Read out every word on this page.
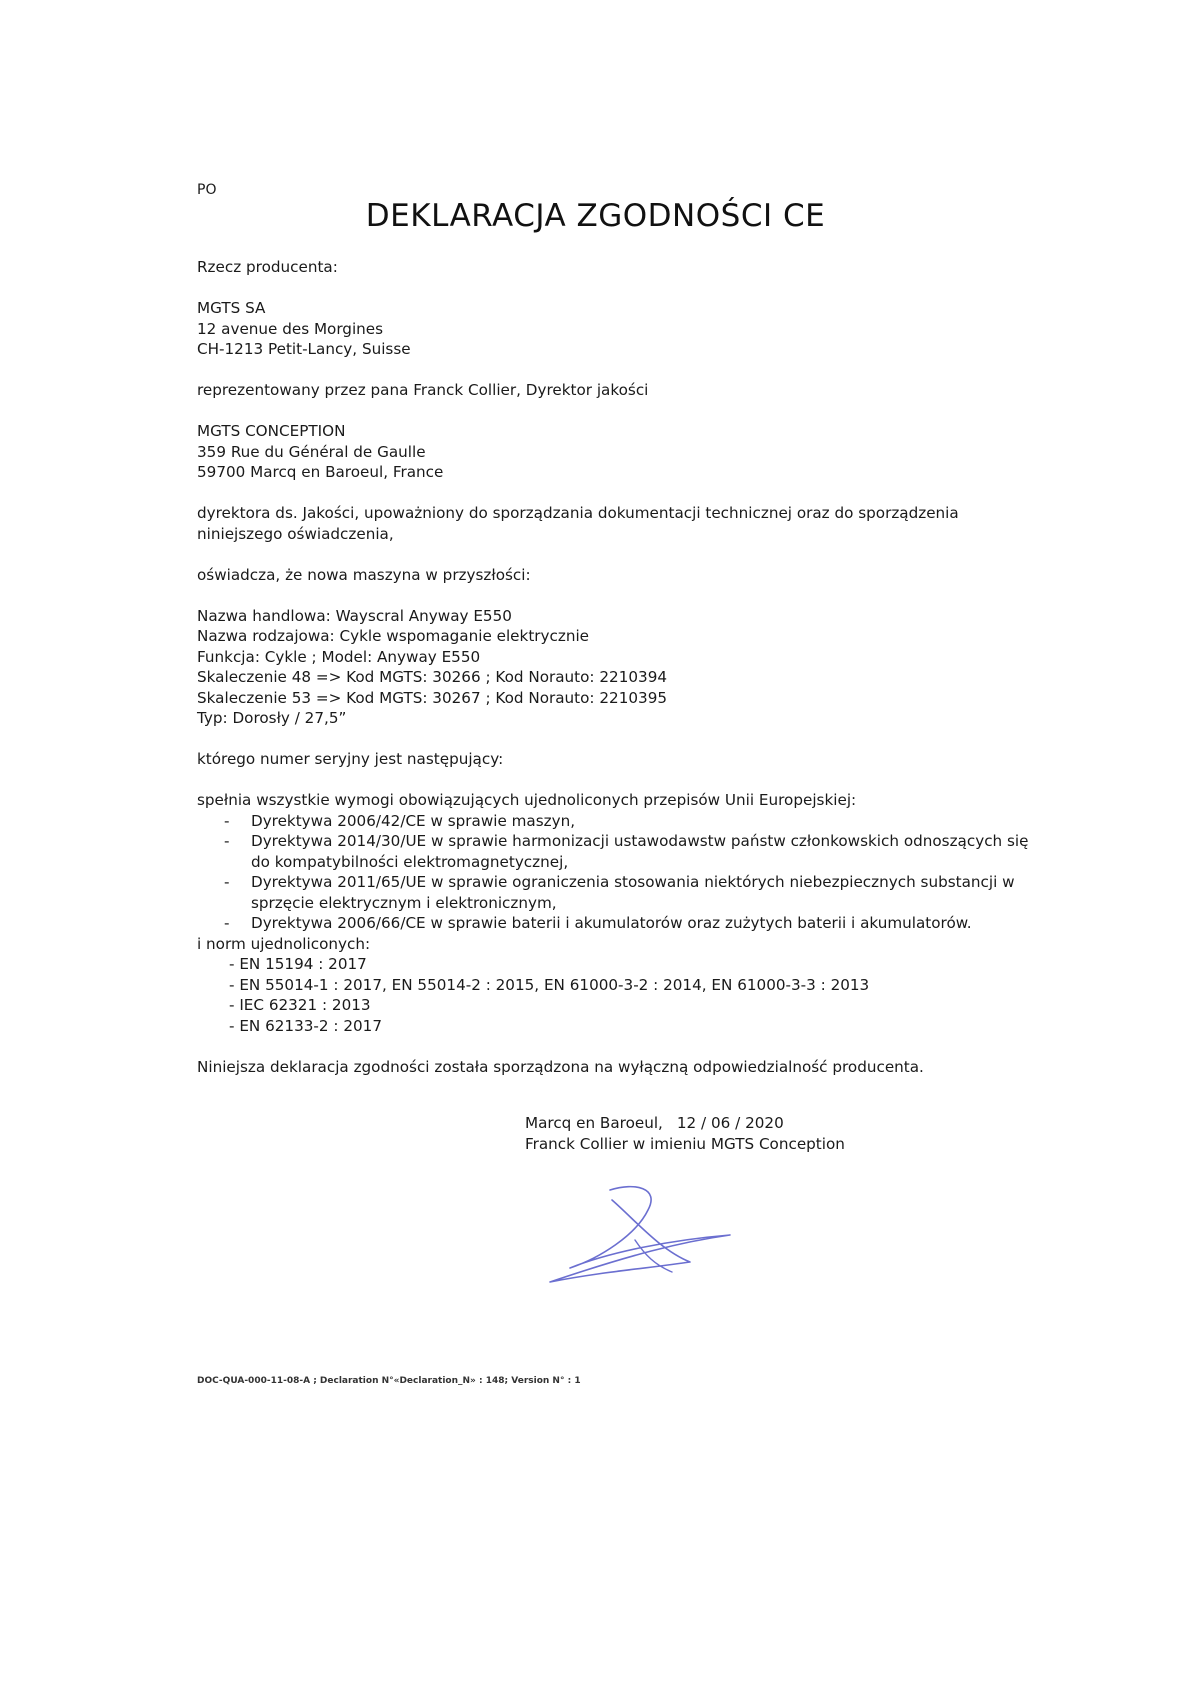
PO
DEKLARACJA ZGODNOŚCI CE

Rzecz producenta:

MGTS SA

12 avenue des Morgines

CH-1213 Petit-Lancy, Suisse

reprezentowany przez pana Franck Collier, Dyrektor jakości

MGTS CONCEPTION

359 Rue du Général de Gaulle

59700 Marcq en Baroeul, France

dyrektora ds. Jakości, upoważniony do sporządzania dokumentacji technicznej oraz do sporządzenia

niniejszego oświadczenia,

oświadcza, że nowa maszyna w przyszłości:

Nazwa handlowa: Wayscral Anyway E550

Nazwa rodzajowa: Cykle wspomaganie elektrycznie

Funkcja: Cykle ; Model: Anyway E550

Skaleczenie 48 => Kod MGTS: 30266 ; Kod Norauto: 2210394

Skaleczenie 53 => Kod MGTS: 30267 ; Kod Norauto: 2210395

Typ: Dorosły / 27,5”

którego numer seryjny jest następujący:

spełnia wszystkie wymogi obowiązujących ujednoliconych przepisów Unii Europejskiej:

- Dyrektywa 2006/42/CE w sprawie maszyn,
- Dyrektywa 2014/30/UE w sprawie harmonizacji ustawodawstw państw członkowskich odnoszących się do kompatybilności elektromagnetycznej,
- Dyrektywa 2011/65/UE w sprawie ograniczenia stosowania niektórych niebezpiecznych substancji w sprzęcie elektrycznym i elektronicznym,
- Dyrektywa 2006/66/CE w sprawie baterii i akumulatorów oraz zużytych baterii i akumulatorów.

i norm ujednoliconych:

- EN 15194 : 2017
- EN 55014-1 : 2017, EN 55014-2 : 2015, EN 61000-3-2 : 2014, EN 61000-3-3 : 2013
- IEC 62321 : 2013
- EN 62133-2 : 2017

Niniejsza deklaracja zgodności została sporządzona na wyłączną odpowiedzialność producenta.

Marcq en Baroeul, 12 / 06 / 2020

Franck Collier w imieniu MGTS Conception

DOC-QUA-000-11-08-A ; Declaration N°«Declaration_N» : 148; Version N° : 1
